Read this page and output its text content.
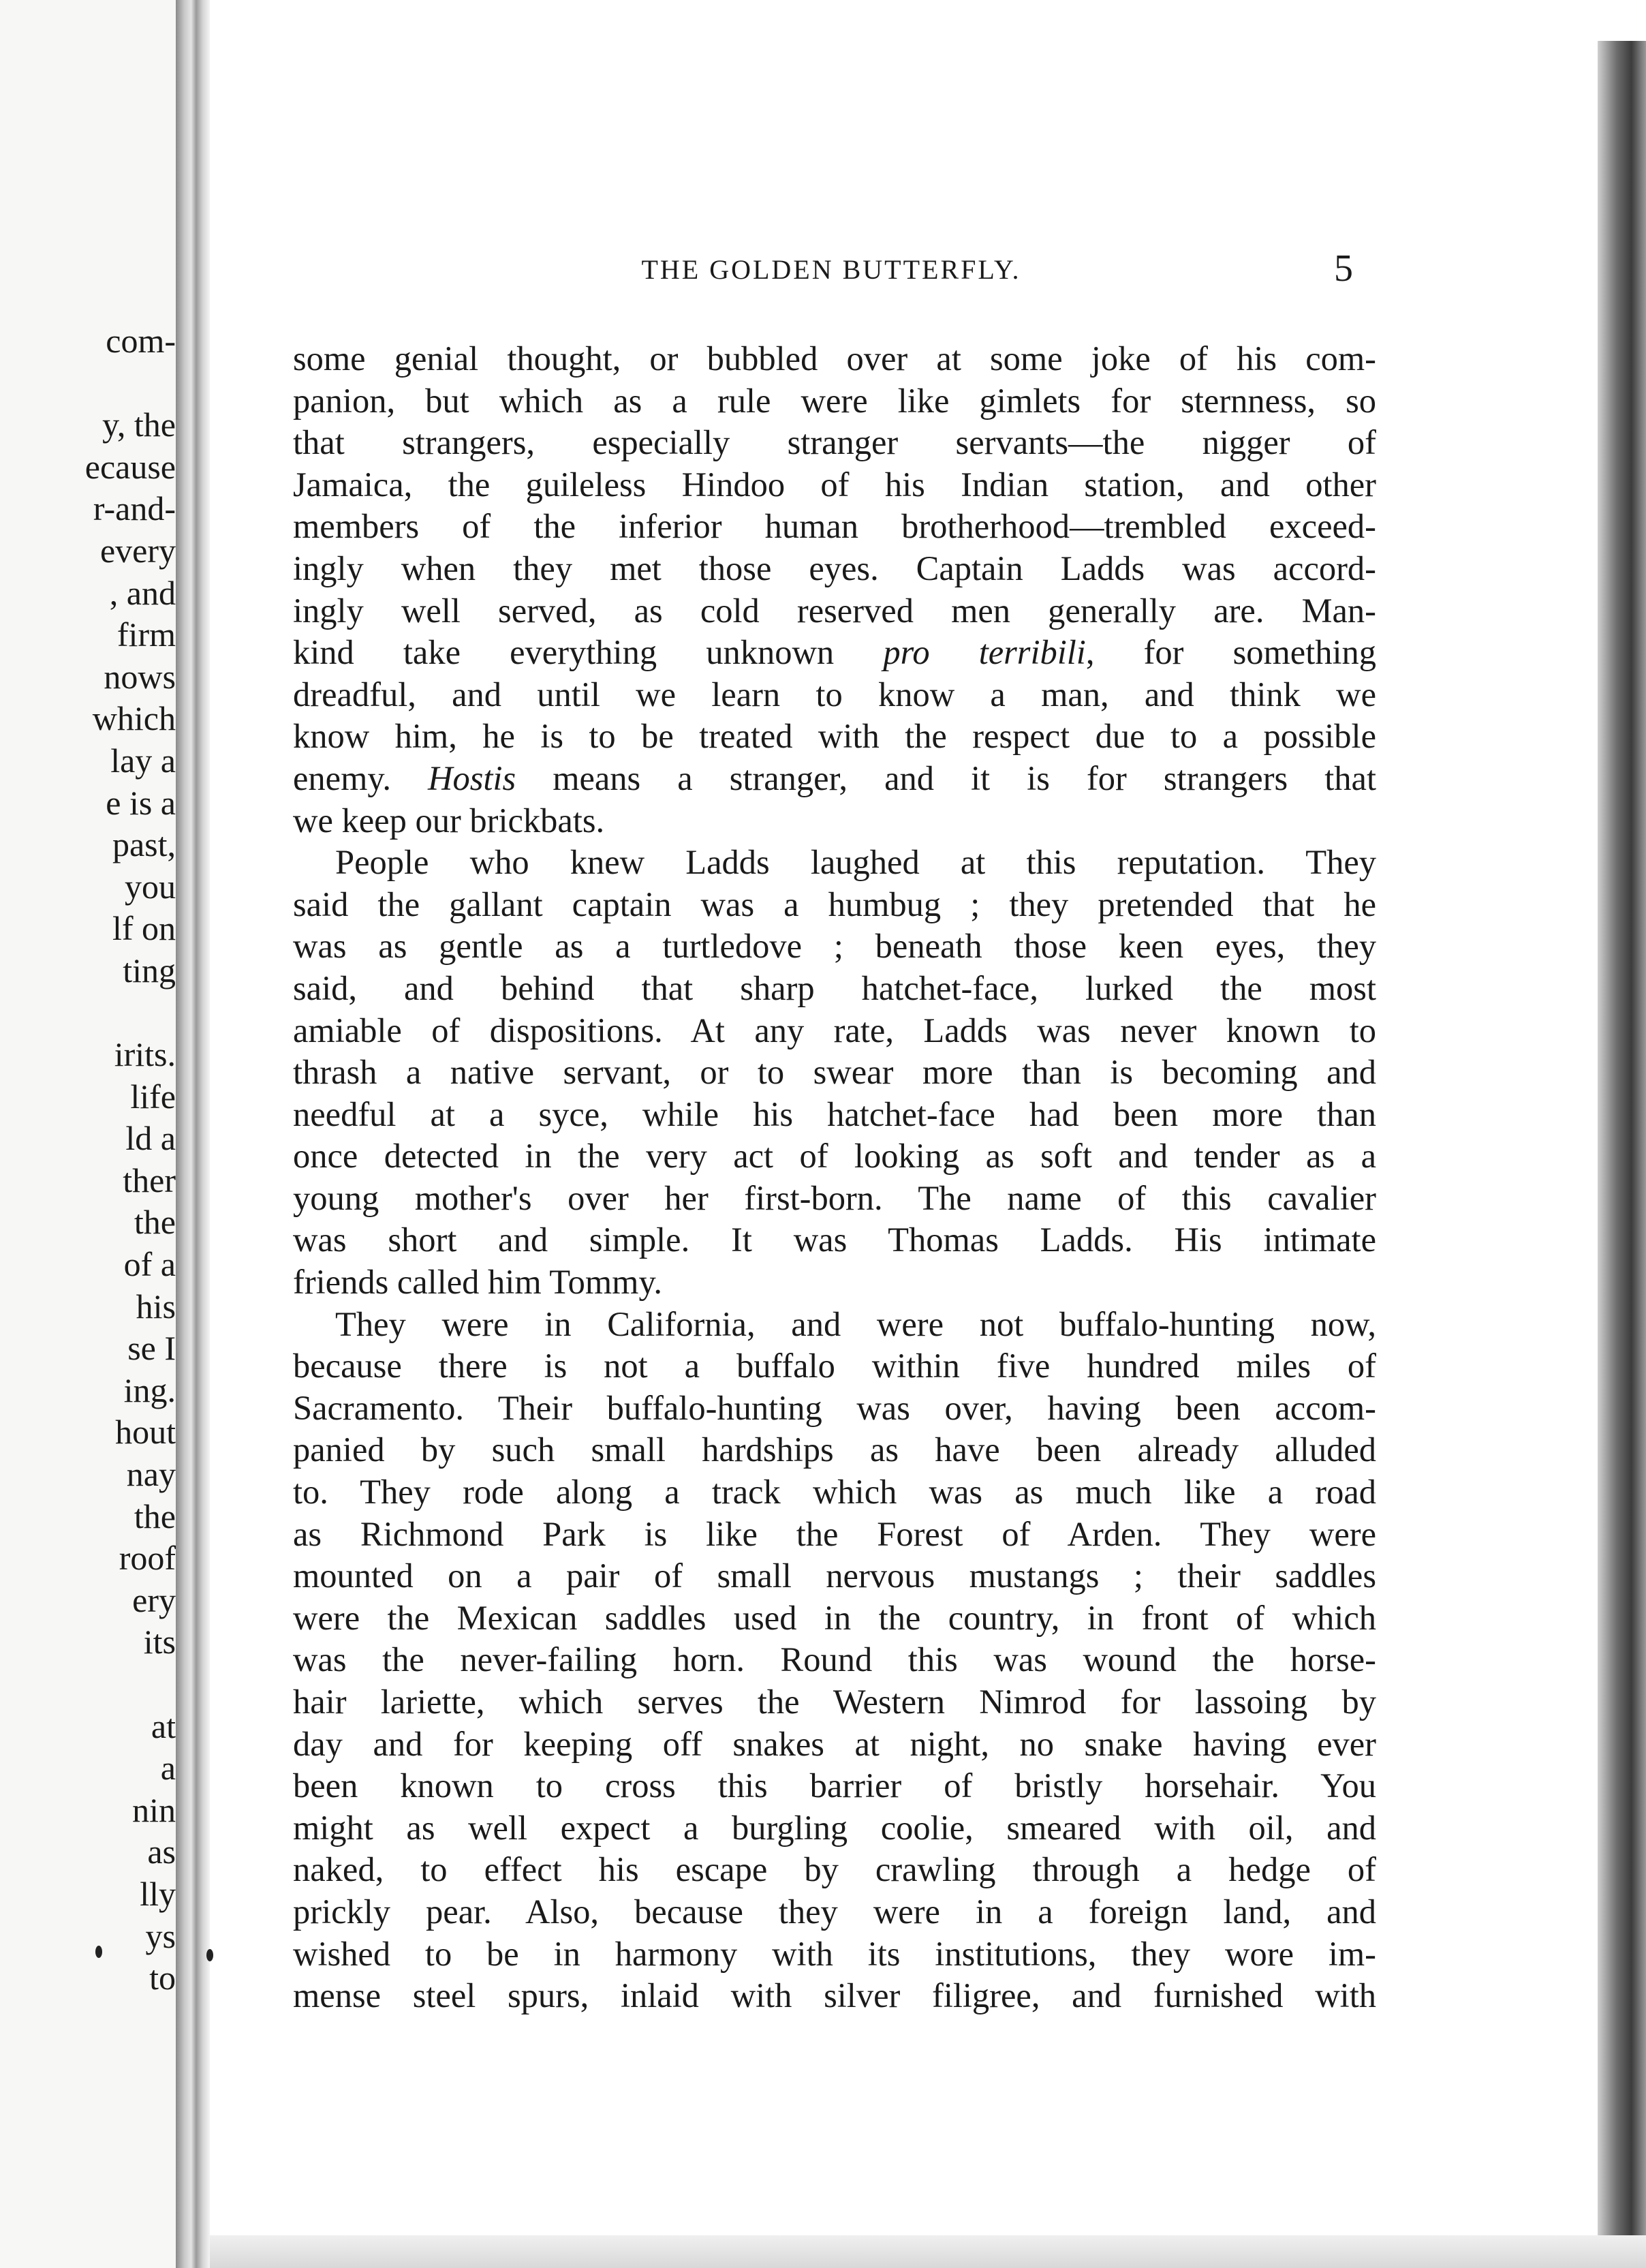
com-
y, the
ecause
r-and-
every
, and
firm
nows
which
lay a
e is a
past,
you
lf on
ting
irits.
life
ld a
ther
the
of a
his
se I
ing.
hout
nay
the
roof
ery
its
at
a
nin
as
lly
ys
to
THE GOLDEN BUTTERFLY.	5
some genial thought, or bubbled over at some joke of his com-
panion, but which as a rule were like gimlets for sternness, so
that strangers, especially stranger servants—the nigger of
Jamaica, the guileless Hindoo of his Indian station, and other
members of the inferior human brotherhood—trembled exceed-
ingly when they met those eyes. Captain Ladds was accord-
ingly well served, as cold reserved men generally are. Man-
kind take everything unknown pro terribili, for something
dreadful, and until we learn to know a man, and think we
know him, he is to be treated with the respect due to a possible
enemy. Hostis means a stranger, and it is for strangers that
we keep our brickbats.
People who knew Ladds laughed at this reputation. They
said the gallant captain was a humbug ; they pretended that he
was as gentle as a turtledove ; beneath those keen eyes, they
said, and behind that sharp hatchet-face, lurked the most
amiable of dispositions. At any rate, Ladds was never known to
thrash a native servant, or to swear more than is becoming and
needful at a syce, while his hatchet-face had been more than
once detected in the very act of looking as soft and tender as a
young mother's over her first-born. The name of this cavalier
was short and simple. It was Thomas Ladds. His intimate
friends called him Tommy.
They were in California, and were not buffalo-hunting now,
because there is not a buffalo within five hundred miles of
Sacramento. Their buffalo-hunting was over, having been accom-
panied by such small hardships as have been already alluded
to. They rode along a track which was as much like a road
as Richmond Park is like the Forest of Arden. They were
mounted on a pair of small nervous mustangs ; their saddles
were the Mexican saddles used in the country, in front of which
was the never-failing horn. Round this was wound the horse-
hair lariette, which serves the Western Nimrod for lassoing by
day and for keeping off snakes at night, no snake having ever
been known to cross this barrier of bristly horsehair. You
might as well expect a burgling coolie, smeared with oil, and
naked, to effect his escape by crawling through a hedge of
prickly pear. Also, because they were in a foreign land, and
wished to be in harmony with its institutions, they wore im-
mense steel spurs, inlaid with silver filigree, and furnished with
